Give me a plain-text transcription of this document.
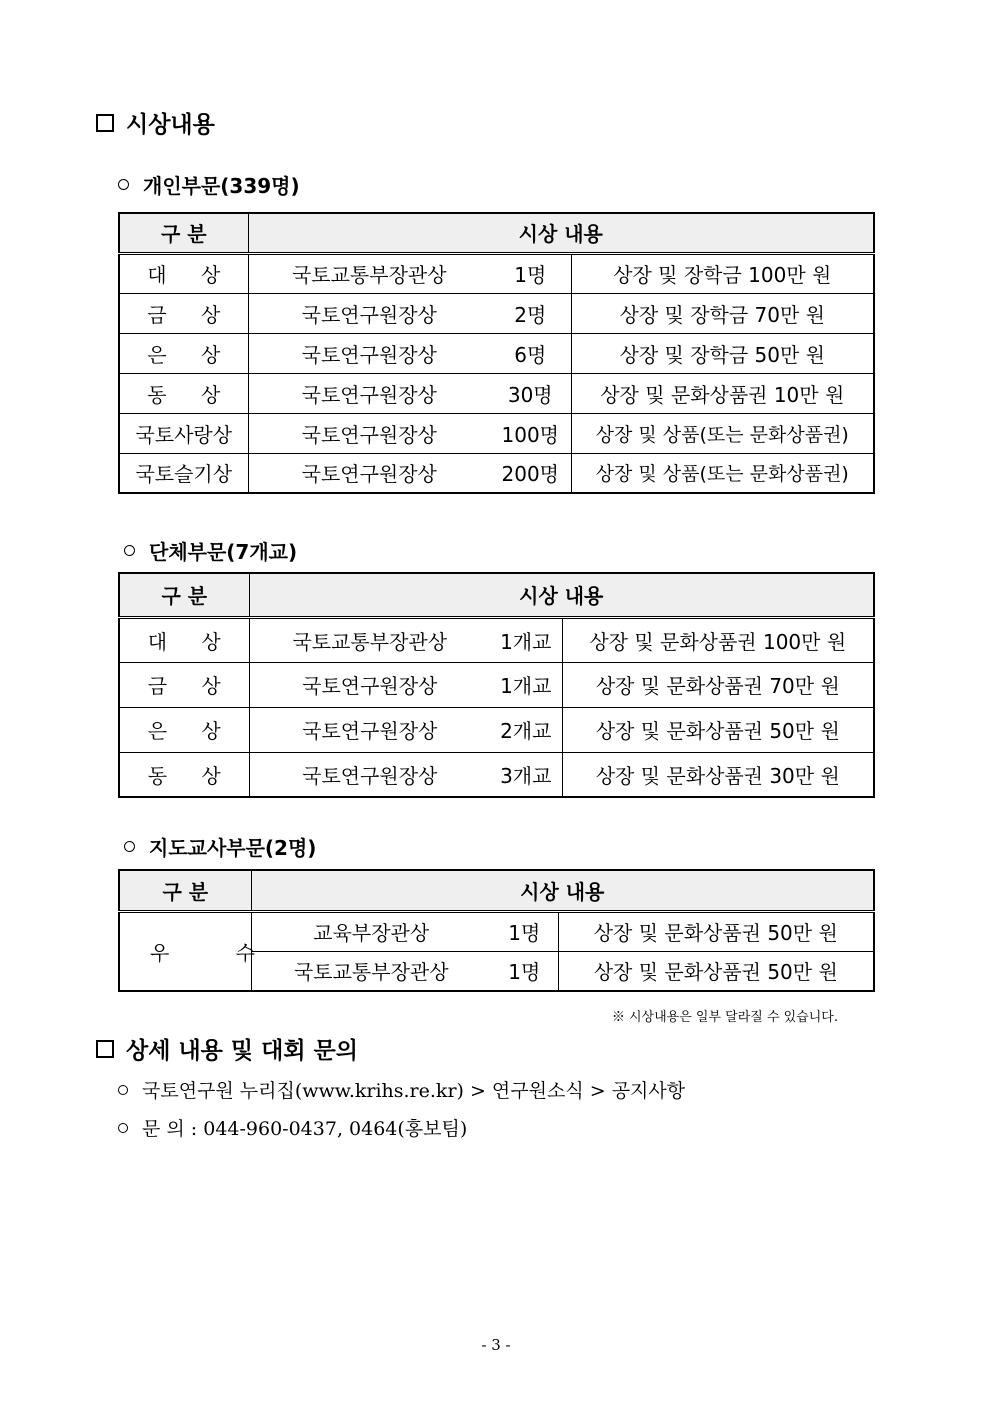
시상내용
개인부문(339명)
구 분	시상 내용		
대 상	국토교통부장관상	1명	상장 및 장학금 100만 원
금 상	국토연구원장상	2명	상장 및 장학금 70만 원
은 상	국토연구원장상	6명	상장 및 장학금 50만 원
동 상	국토연구원장상	30명	상장 및 문화상품권 10만 원
국토사랑상	국토연구원장상	100명	상장 및 상품(또는 문화상품권)
국토슬기상	국토연구원장상	200명	상장 및 상품(또는 문화상품권)
단체부문(7개교)
구 분	시상 내용		
대 상	국토교통부장관상	1개교	상장 및 문화상품권 100만 원
금 상	국토연구원장상	1개교	상장 및 문화상품권 70만 원
은 상	국토연구원장상	2개교	상장 및 문화상품권 50만 원
동 상	국토연구원장상	3개교	상장 및 문화상품권 30만 원
지도교사부문(2명)
구 분	시상 내용		
우 수	교육부장관상	1명	상장 및 문화상품권 50만 원
	국토교통부장관상	1명	상장 및 문화상품권 50만 원
※ 시상내용은 일부 달라질 수 있습니다.
상세 내용 및 대회 문의
국토연구원 누리집(www.krihs.re.kr) > 연구원소식 > 공지사항
문 의 : 044-960-0437, 0464(홍보팀)
- 3 -
